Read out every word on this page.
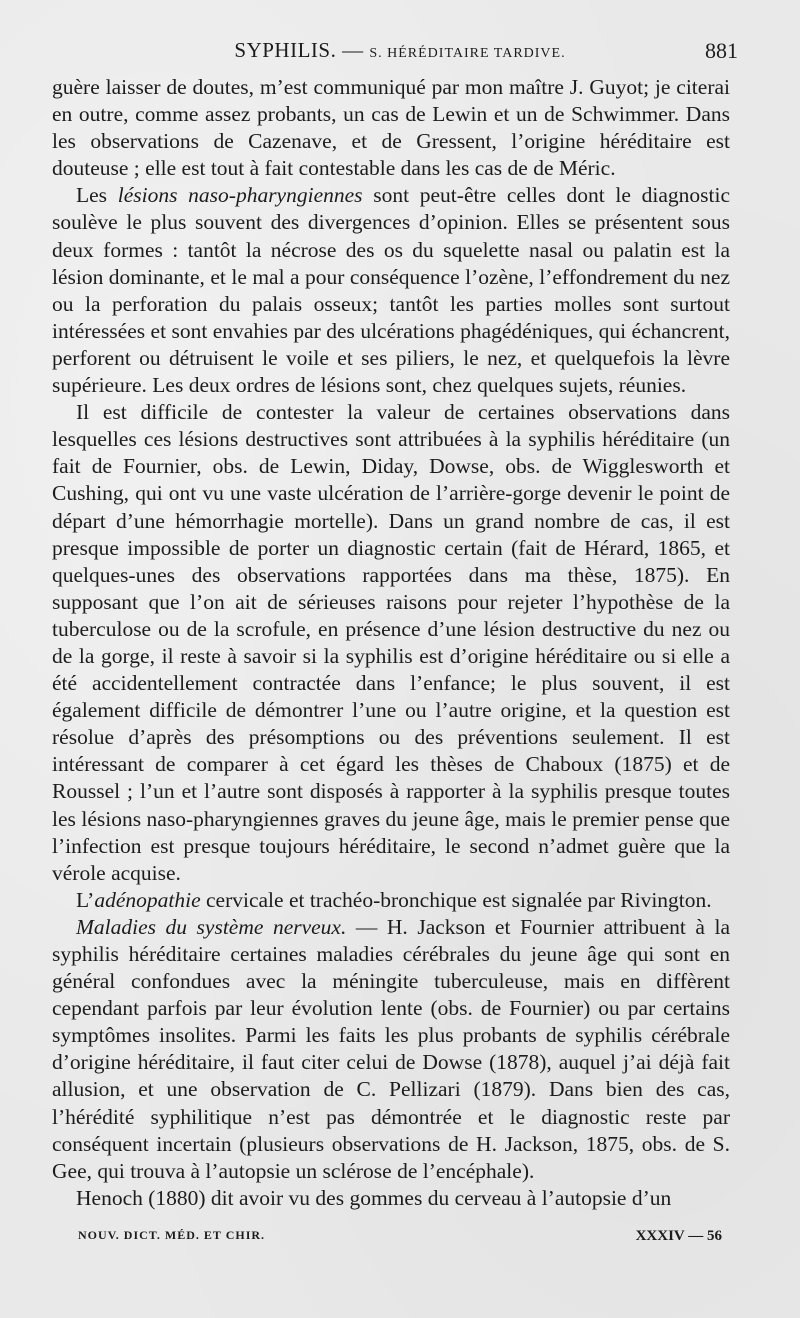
SYPHILIS. — S. HÉRÉDITAIRE TARDIVE.	881

guère laisser de doutes, m’est communiqué par mon maître J. Guyot; je citerai en outre, comme assez probants, un cas de Lewin et un de Schwimmer. Dans les observations de Cazenave, et de Gressent, l’origine héréditaire est douteuse ; elle est tout à fait contestable dans les cas de de Méric.

Les lésions naso-pharyngiennes sont peut-être celles dont le diagnostic soulève le plus souvent des divergences d’opinion. Elles se présentent sous deux formes : tantôt la nécrose des os du squelette nasal ou palatin est la lésion dominante, et le mal a pour conséquence l’ozène, l’effondrement du nez ou la perforation du palais osseux; tantôt les parties molles sont surtout intéressées et sont envahies par des ulcérations phagédéniques, qui échancrent, perforent ou détruisent le voile et ses piliers, le nez, et quelquefois la lèvre supérieure. Les deux ordres de lésions sont, chez quelques sujets, réunies.

Il est difficile de contester la valeur de certaines observations dans lesquelles ces lésions destructives sont attribuées à la syphilis héréditaire (un fait de Fournier, obs. de Lewin, Diday, Dowse, obs. de Wigglesworth et Cushing, qui ont vu une vaste ulcération de l’arrière-gorge devenir le point de départ d’une hémorrhagie mortelle). Dans un grand nombre de cas, il est presque impossible de porter un diagnostic certain (fait de Hérard, 1865, et quelques-unes des observations rapportées dans ma thèse, 1875). En supposant que l’on ait de sérieuses raisons pour rejeter l’hypothèse de la tuberculose ou de la scrofule, en présence d’une lésion destructive du nez ou de la gorge, il reste à savoir si la syphilis est d’origine héréditaire ou si elle a été accidentellement contractée dans l’enfance; le plus souvent, il est également difficile de démontrer l’une ou l’autre origine, et la question est résolue d’après des présomptions ou des préventions seulement. Il est intéressant de comparer à cet égard les thèses de Chaboux (1875) et de Roussel ; l’un et l’autre sont disposés à rapporter à la syphilis presque toutes les lésions naso-pharyngiennes graves du jeune âge, mais le premier pense que l’infection est presque toujours héréditaire, le second n’admet guère que la vérole acquise.

L’adénopathie cervicale et trachéo-bronchique est signalée par Rivington.

Maladies du système nerveux. — H. Jackson et Fournier attribuent à la syphilis héréditaire certaines maladies cérébrales du jeune âge qui sont en général confondues avec la méningite tuberculeuse, mais en diffèrent cependant parfois par leur évolution lente (obs. de Fournier) ou par certains symptômes insolites. Parmi les faits les plus probants de syphilis cérébrale d’origine héréditaire, il faut citer celui de Dowse (1878), auquel j’ai déjà fait allusion, et une observation de C. Pellizari (1879). Dans bien des cas, l’hérédité syphilitique n’est pas démontrée et le diagnostic reste par conséquent incertain (plusieurs observations de H. Jackson, 1875, obs. de S. Gee, qui trouva à l’autopsie un sclérose de l’encéphale).

Henoch (1880) dit avoir vu des gommes du cerveau à l’autopsie d’un

NOUV. DICT. MÉD. ET CHIR.	XXXIV — 56
